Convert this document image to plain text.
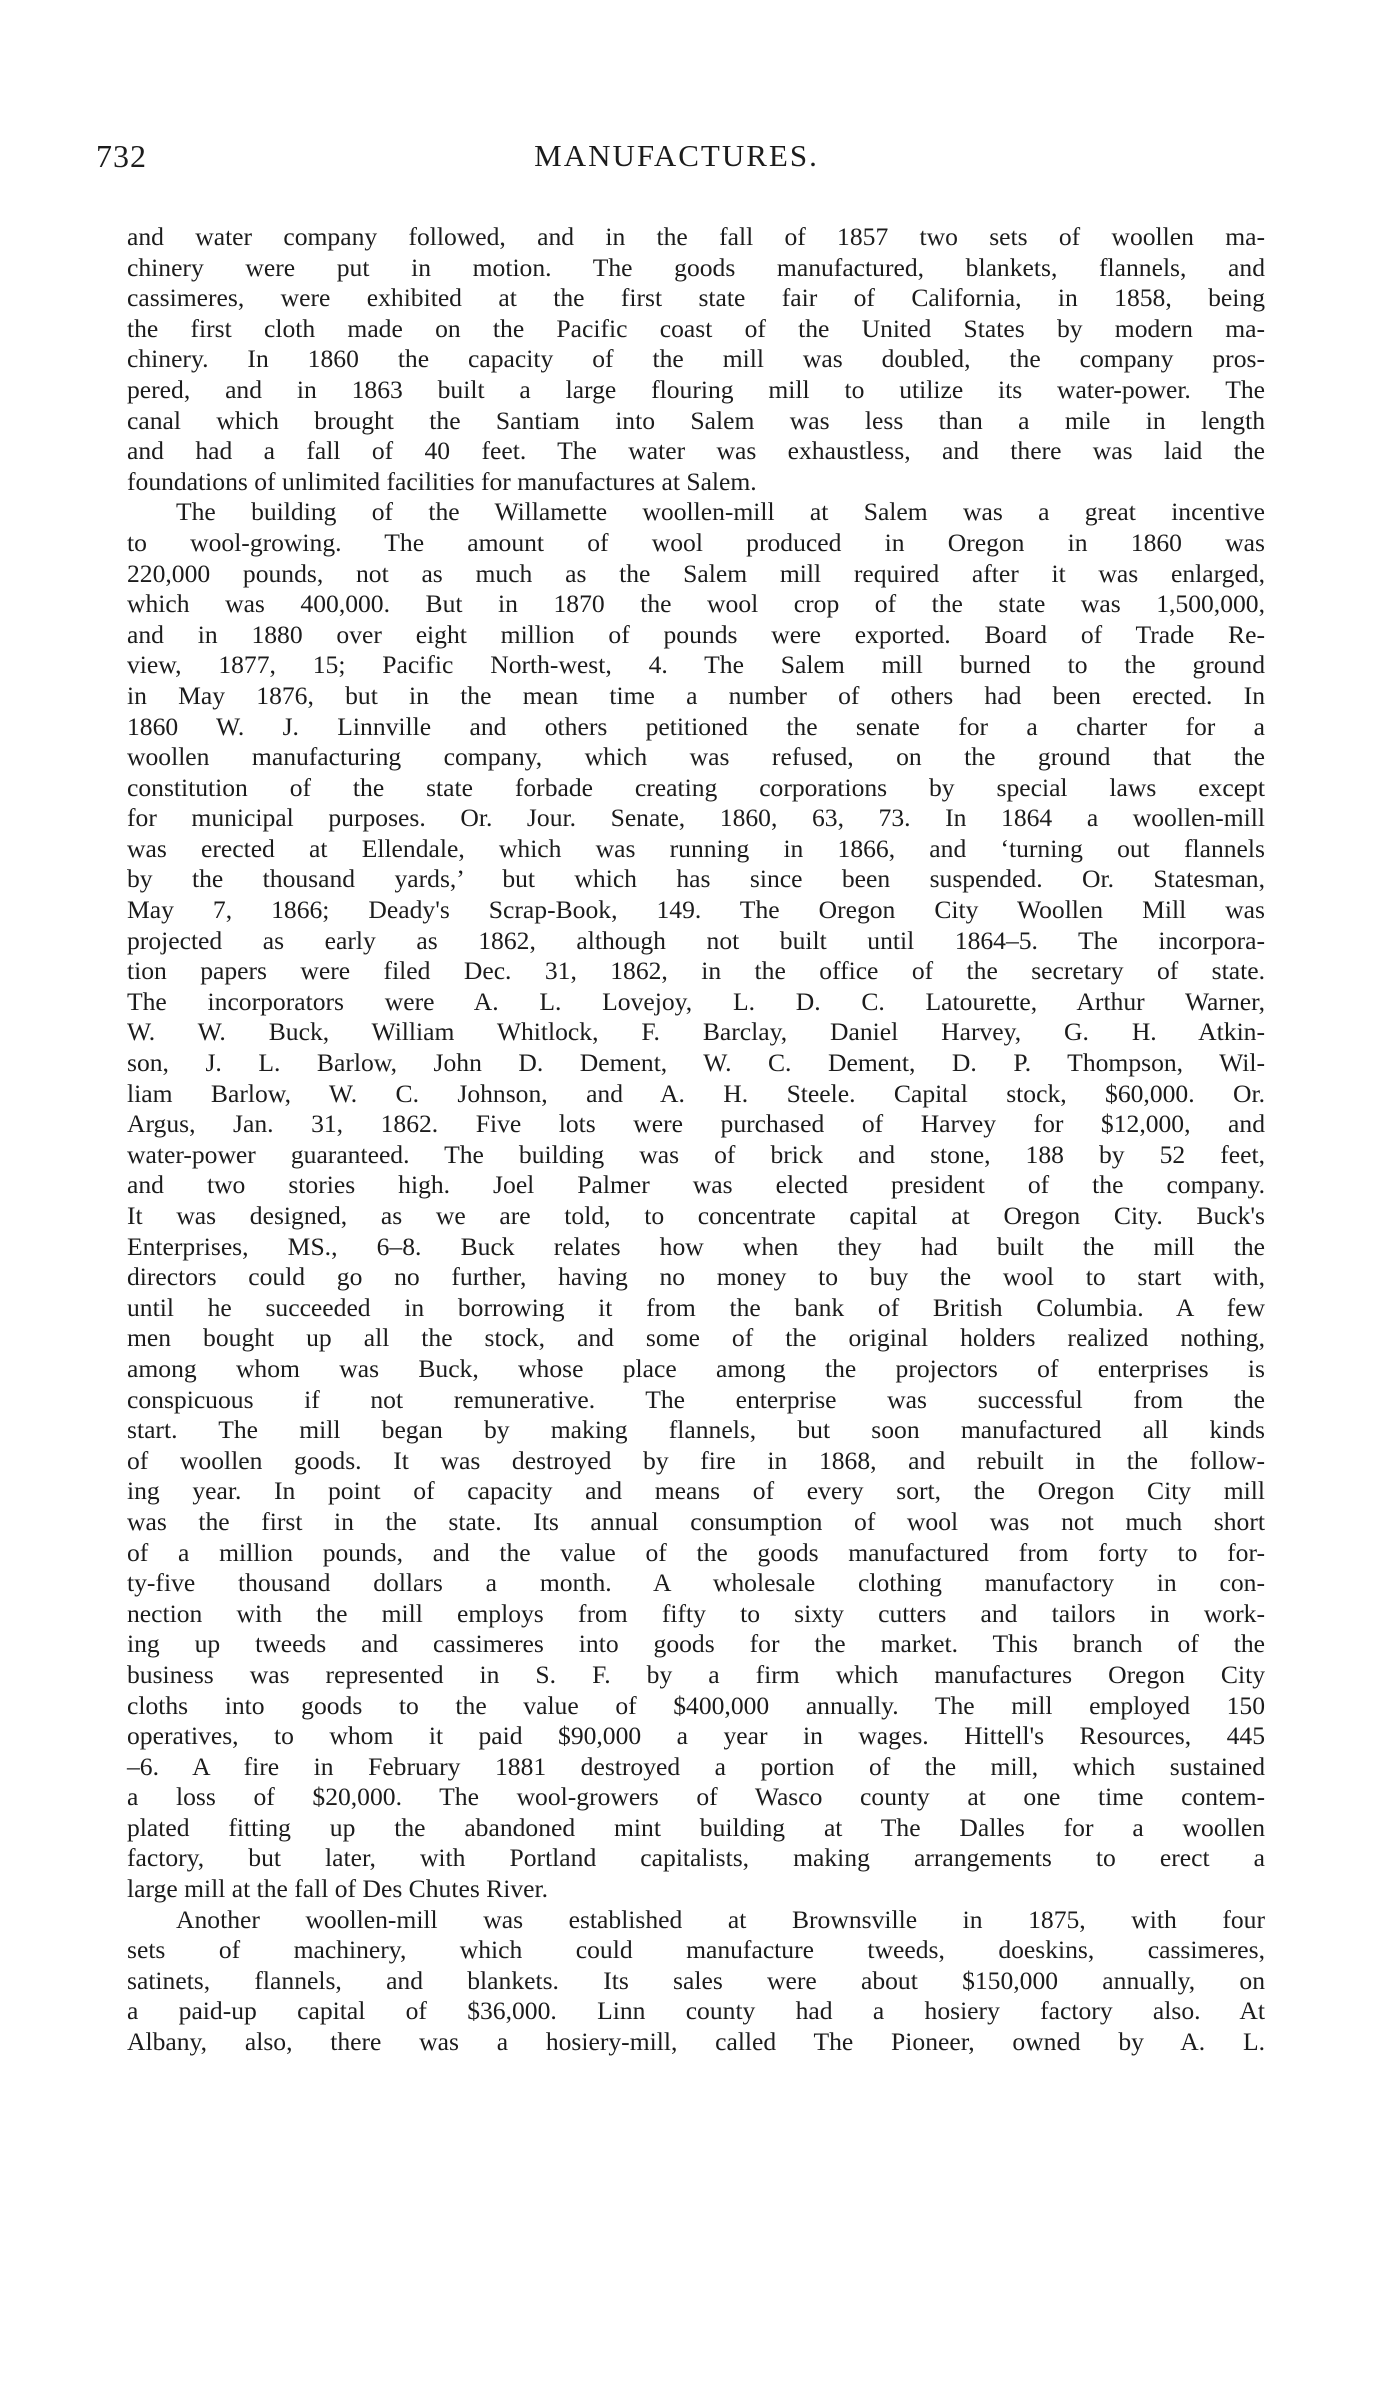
732	MANUFACTURES.
and water company followed, and in the fall of 1857 two sets of woollen ma-
chinery were put in motion. The goods manufactured, blankets, flannels, and
cassimeres, were exhibited at the first state fair of California, in 1858, being
the first cloth made on the Pacific coast of the United States by modern ma-
chinery. In 1860 the capacity of the mill was doubled, the company pros-
pered, and in 1863 built a large flouring mill to utilize its water-power. The
canal which brought the Santiam into Salem was less than a mile in length
and had a fall of 40 feet. The water was exhaustless, and there was laid the
foundations of unlimited facilities for manufactures at Salem.
The building of the Willamette woollen-mill at Salem was a great incentive
to wool-growing. The amount of wool produced in Oregon in 1860 was
220,000 pounds, not as much as the Salem mill required after it was enlarged,
which was 400,000. But in 1870 the wool crop of the state was 1,500,000,
and in 1880 over eight million of pounds were exported. Board of Trade Re-
view, 1877, 15; Pacific North-west, 4. The Salem mill burned to the ground
in May 1876, but in the mean time a number of others had been erected. In
1860 W. J. Linnville and others petitioned the senate for a charter for a
woollen manufacturing company, which was refused, on the ground that the
constitution of the state forbade creating corporations by special laws except
for municipal purposes. Or. Jour. Senate, 1860, 63, 73. In 1864 a woollen-mill
was erected at Ellendale, which was running in 1866, and ‘turning out flannels
by the thousand yards,’ but which has since been suspended. Or. Statesman,
May 7, 1866; Deady's Scrap-Book, 149. The Oregon City Woollen Mill was
projected as early as 1862, although not built until 1864–5. The incorpora-
tion papers were filed Dec. 31, 1862, in the office of the secretary of state.
The incorporators were A. L. Lovejoy, L. D. C. Latourette, Arthur Warner,
W. W. Buck, William Whitlock, F. Barclay, Daniel Harvey, G. H. Atkin-
son, J. L. Barlow, John D. Dement, W. C. Dement, D. P. Thompson, Wil-
liam Barlow, W. C. Johnson, and A. H. Steele. Capital stock, $60,000. Or.
Argus, Jan. 31, 1862. Five lots were purchased of Harvey for $12,000, and
water-power guaranteed. The building was of brick and stone, 188 by 52 feet,
and two stories high. Joel Palmer was elected president of the company.
It was designed, as we are told, to concentrate capital at Oregon City. Buck's
Enterprises, MS., 6–8. Buck relates how when they had built the mill the
directors could go no further, having no money to buy the wool to start with,
until he succeeded in borrowing it from the bank of British Columbia. A few
men bought up all the stock, and some of the original holders realized nothing,
among whom was Buck, whose place among the projectors of enterprises is
conspicuous if not remunerative. The enterprise was successful from the
start. The mill began by making flannels, but soon manufactured all kinds
of woollen goods. It was destroyed by fire in 1868, and rebuilt in the follow-
ing year. In point of capacity and means of every sort, the Oregon City mill
was the first in the state. Its annual consumption of wool was not much short
of a million pounds, and the value of the goods manufactured from forty to for-
ty-five thousand dollars a month. A wholesale clothing manufactory in con-
nection with the mill employs from fifty to sixty cutters and tailors in work-
ing up tweeds and cassimeres into goods for the market. This branch of the
business was represented in S. F. by a firm which manufactures Oregon City
cloths into goods to the value of $400,000 annually. The mill employed 150
operatives, to whom it paid $90,000 a year in wages. Hittell's Resources, 445
–6. A fire in February 1881 destroyed a portion of the mill, which sustained
a loss of $20,000. The wool-growers of Wasco county at one time contem-
plated fitting up the abandoned mint building at The Dalles for a woollen
factory, but later, with Portland capitalists, making arrangements to erect a
large mill at the fall of Des Chutes River.
Another woollen-mill was established at Brownsville in 1875, with four
sets of machinery, which could manufacture tweeds, doeskins, cassimeres,
satinets, flannels, and blankets. Its sales were about $150,000 annually, on
a paid-up capital of $36,000. Linn county had a hosiery factory also. At
Albany, also, there was a hosiery-mill, called The Pioneer, owned by A. L.
